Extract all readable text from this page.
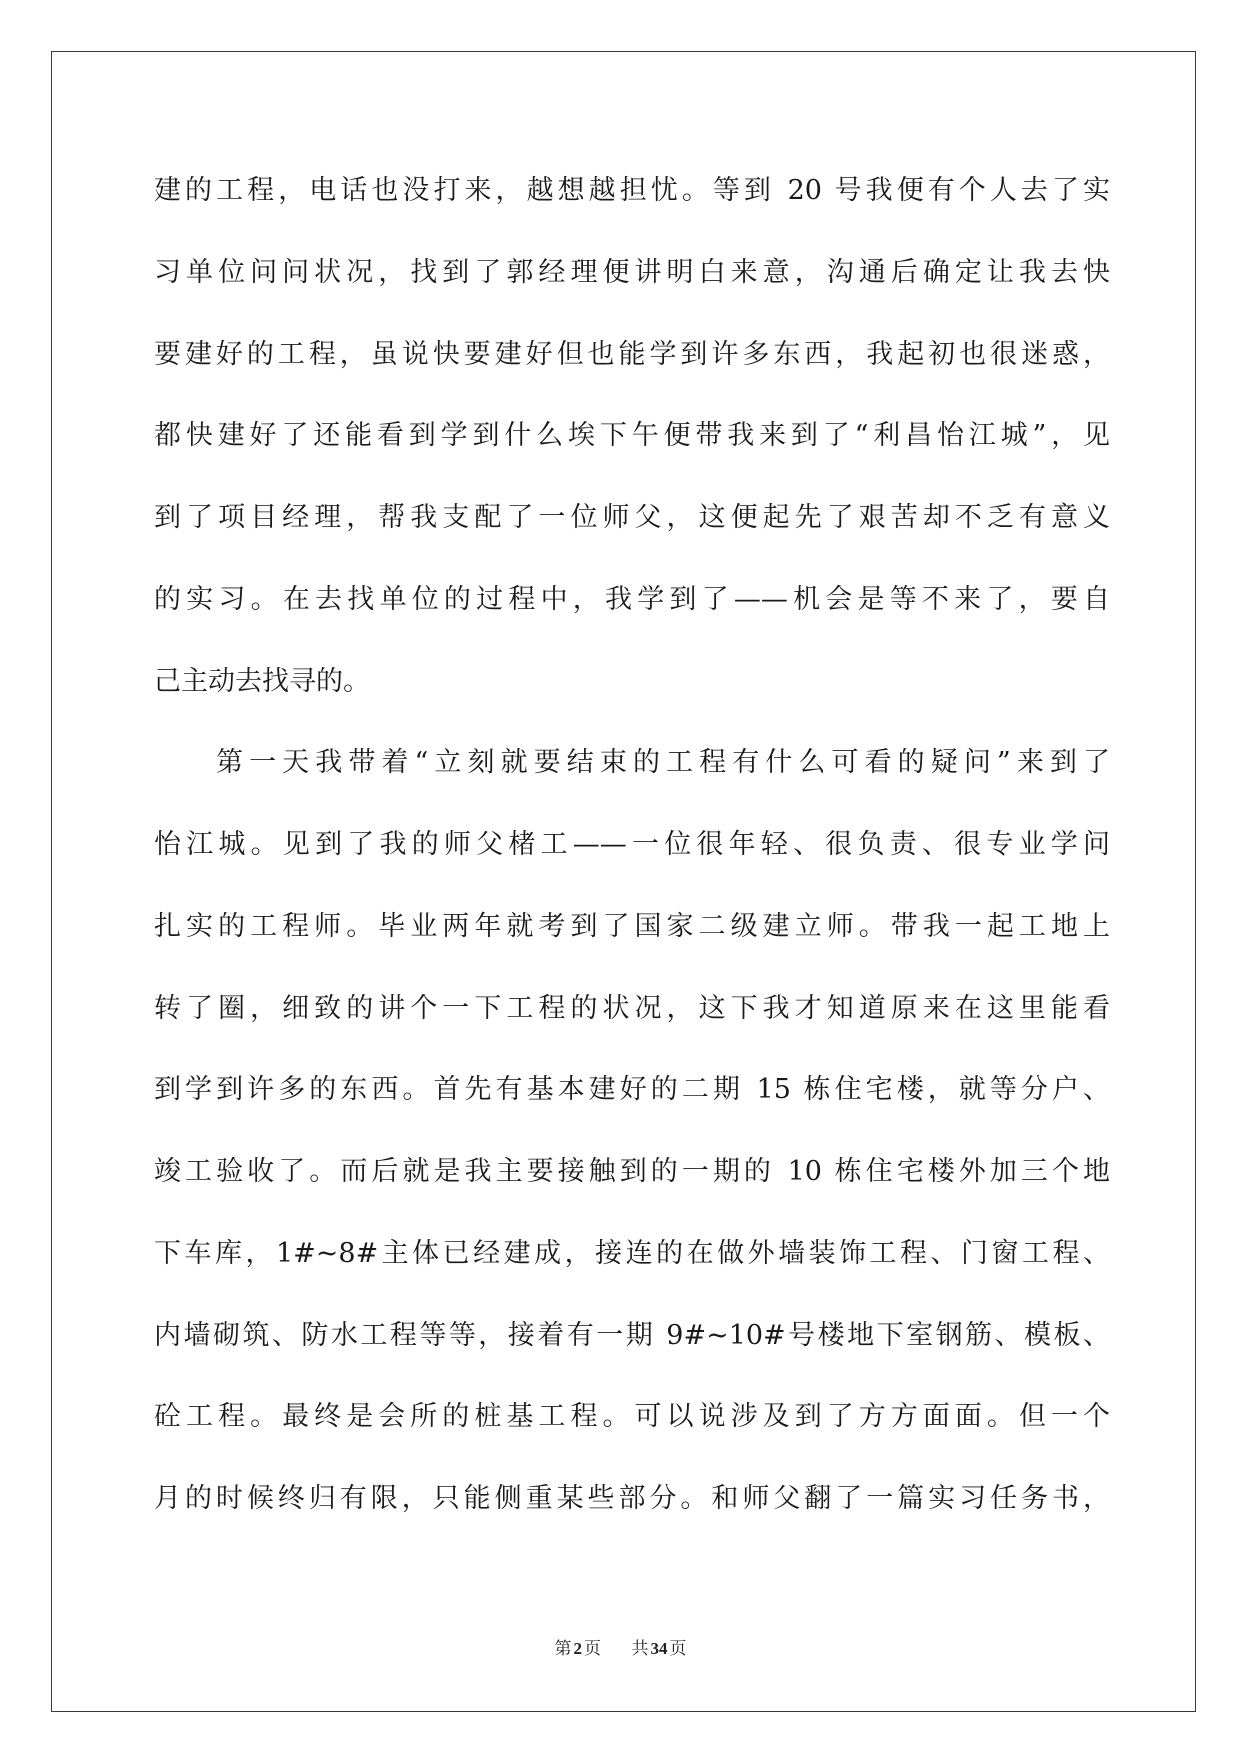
建的工程，电话也没打来，越想越担忧。等到 20 号我便有个人去了实
习单位问问状况，找到了郭经理便讲明白来意，沟通后确定让我去快
要建好的工程，虽说快要建好但也能学到许多东西，我起初也很迷惑，
都快建好了还能看到学到什么埃下午便带我来到了“利昌怡江城”，见
到了项目经理，帮我支配了一位师父，这便起先了艰苦却不乏有意义
的实习。在去找单位的过程中，我学到了——机会是等不来了，要自
己主动去找寻的。
第一天我带着“立刻就要结束的工程有什么可看的疑问”来到了
怡江城。见到了我的师父楮工——一位很年轻、很负责、很专业学问
扎实的工程师。毕业两年就考到了国家二级建立师。带我一起工地上
转了圈，细致的讲个一下工程的状况，这下我才知道原来在这里能看
到学到许多的东西。首先有基本建好的二期 15 栋住宅楼，就等分户、
竣工验收了。而后就是我主要接触到的一期的 10 栋住宅楼外加三个地
下车库，1#~8#主体已经建成，接连的在做外墙装饰工程、门窗工程、
内墙砌筑、防水工程等等，接着有一期 9#~10#号楼地下室钢筋、模板、
砼工程。最终是会所的桩基工程。可以说涉及到了方方面面。但一个
月的时候终归有限，只能侧重某些部分。和师父翻了一篇实习任务书，
第 2 页 共 34 页
